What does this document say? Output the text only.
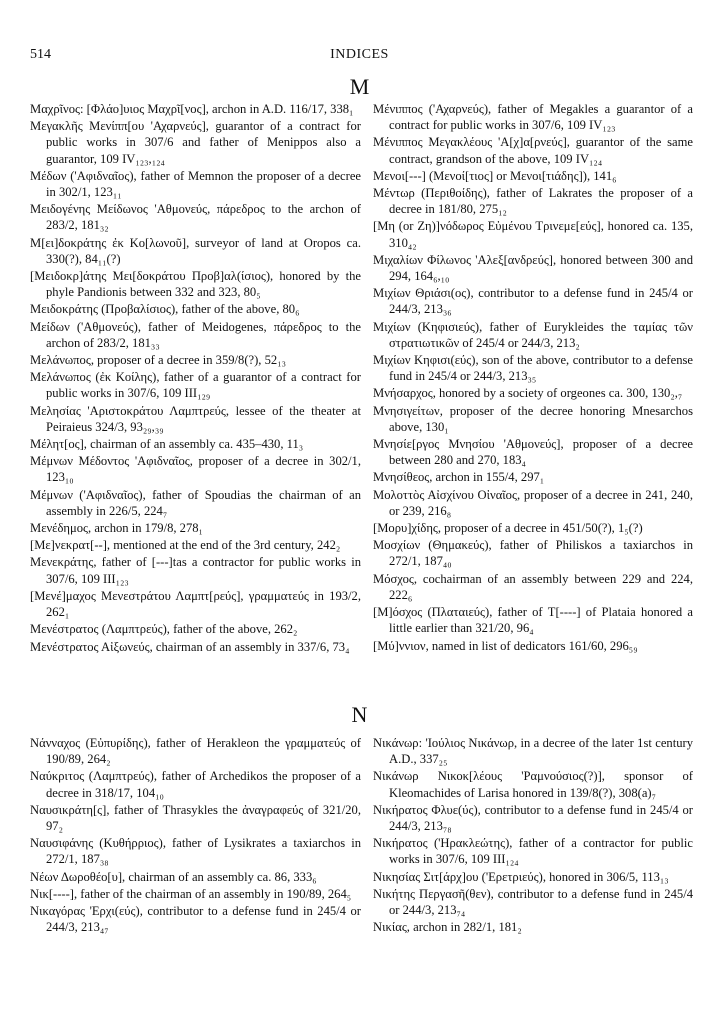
514	INDICES
M

Μαχρῖνος: [Φλάο]υιος Μαχρῖ[νος], archon in A.D. 116/17, 338₁

Μεγακλῆς Μενίππ[ου 'Αχαρνεύς], guarantor of a contract for public works in 307/6 and father of Menippos also a guarantor, 109 IV₁₂₃,₁₂₄

Μέδων ('Αφιδναῖος), father of Memnon the proposer of a decree in 302/1, 123₁₁

Μειδογένης Μείδωνος 'Αθμονεύς, πάρεδρος to the archon of 283/2, 181₃₂

Μ[ει]δοκράτης ἐκ Κο[λωνοῦ], surveyor of land at Oropos ca. 330(?), 84₁₁(?)

[Μειδοκρ]άτης Μει[δοκράτου Προβ]αλ(ίσιος), honored by the phyle Pandionis between 332 and 323, 80₅

Μειδοκράτης (Προβαλίσιος), father of the above, 80₆

Μείδων ('Αθμονεύς), father of Meidogenes, πάρεδρος to the archon of 283/2, 181₃₃

Μελάνωπος, proposer of a decree in 359/8(?), 52₁₃

Μελάνωπος (ἐκ Κοίλης), father of a guarantor of a contract for public works in 307/6, 109 III₁₂₉

Μελησίας 'Αριστοκράτου Λαμπτρεύς, lessee of the theater at Peiraieus 324/3, 93₂₉,₃₉

Μέλητ[ος], chairman of an assembly ca. 435–430, 11₃

Μέμνων Μέδοντος 'Αφιδναῖος, proposer of a decree in 302/1, 123₁₀

Μέμνων ('Αφιδναῖος), father of Spoudias the chairman of an assembly in 226/5, 224₇

Μενέδημος, archon in 179/8, 278₁

[Με]νεκρατ[--], mentioned at the end of the 3rd century, 242₂

Μενεκράτης, father of [---]tas a contractor for public works in 307/6, 109 III₁₂₃

[Μενέ]μαχος Μενεστράτου Λαμπτ[ρεύς], γραμματεύς in 193/2, 262₁

Μενέστρατος (Λαμπτρεύς), father of the above, 262₂

Μενέστρατος Αἰξωνεύς, chairman of an assembly in 337/6, 73₄

Μένιππος ('Αχαρνεύς), father of Megakles a guarantor of a contract for public works in 307/6, 109 IV₁₂₃

Μένιππος Μεγακλέους 'Α[χ]α[ρνεύς], guarantor of the same contract, grandson of the above, 109 IV₁₂₄

Μενοι[---] (Μενοί[τιος] or Μενοι[τιάδης]), 141₆

Μέντωρ (Περιθοίδης), father of Lakrates the proposer of a decree in 181/80, 275₁₂

[Μη (or Ζη)]νόδωρος Εὐμένου Τρινεμε[εύς], honored ca. 135, 310₄₂

Μιχαλίων Φίλωνος 'Αλεξ[ανδρεύς], honored between 300 and 294, 164₆,₁₀

Μιχίων Θριάσι(ος), contributor to a defense fund in 245/4 or 244/3, 213₃₆

Μιχίων (Κηφισιεύς), father of Eurykleides the ταμίας τῶν στρατιωτικῶν of 245/4 or 244/3, 213₂

Μιχίων Κηφισι(εύς), son of the above, contributor to a defense fund in 245/4 or 244/3, 213₃₅

Μνήσαρχος, honored by a society of orgeones ca. 300, 130₂,₇

Μνησιγείτων, proposer of the decree honoring Mnesarchos above, 130₁

Μνησίε[ργος Μνησίου 'Αθμονεύς], proposer of a decree between 280 and 270, 183₄

Μνησίθεος, archon in 155/4, 297₁

Μολοττὸς Αἰσχίνου Οἰναῖος, proposer of a decree in 241, 240, or 239, 216₈

[Μορυ]χίδης, proposer of a decree in 451/50(?), 1₅(?)

Μοσχίων (Θημακεύς), father of Philiskos a taxiarchos in 272/1, 187₄₀

Μόσχος, cochairman of an assembly between 229 and 224, 222₆

[Μ]όσχος (Πλαταιεύς), father of Τ[----] of Plataia honored a little earlier than 321/20, 96₄

[Μύ]ννιον, named in list of dedicators 161/60, 296₅₉

N

Νάνναχος (Εὐπυρίδης), father of Herakleon the γραμματεύς of 190/89, 264₂

Ναύκριτος (Λαμπτρεύς), father of Archedikos the proposer of a decree in 318/17, 104₁₀

Ναυσικράτη[ς], father of Thrasykles the ἀναγραφεύς of 321/20, 97₂

Ναυσιφάνης (Κυθήρριος), father of Lysikrates a taxiarchos in 272/1, 187₃₈

Νέων Δωροθέο[υ], chairman of an assembly ca. 86, 333₆

Νικ[----], father of the chairman of an assembly in 190/89, 264₅

Νικαγόρας 'Ερχι(εύς), contributor to a defense fund in 245/4 or 244/3, 213₄₇

Νικάνωρ: 'Ιούλιος Νικάνωρ, in a decree of the later 1st century A.D., 337₂₅

Νικάνωρ Νικοκ[λέους 'Ραμνούσιος(?)], sponsor of Kleomachides of Larisa honored in 139/8(?), 308(a)₇

Νικήρατος Φλυε(ύς), contributor to a defense fund in 245/4 or 244/3, 213₇₈

Νικήρατος ('Ηρακλεώτης), father of a contractor for public works in 307/6, 109 III₁₂₄

Νικησίας Σιτ[άρχ]ου ('Ερετριεύς), honored in 306/5, 113₁₃

Νικήτης Περγασῆ(θεν), contributor to a defense fund in 245/4 or 244/3, 213₇₄

Νικίας, archon in 282/1, 181₂
